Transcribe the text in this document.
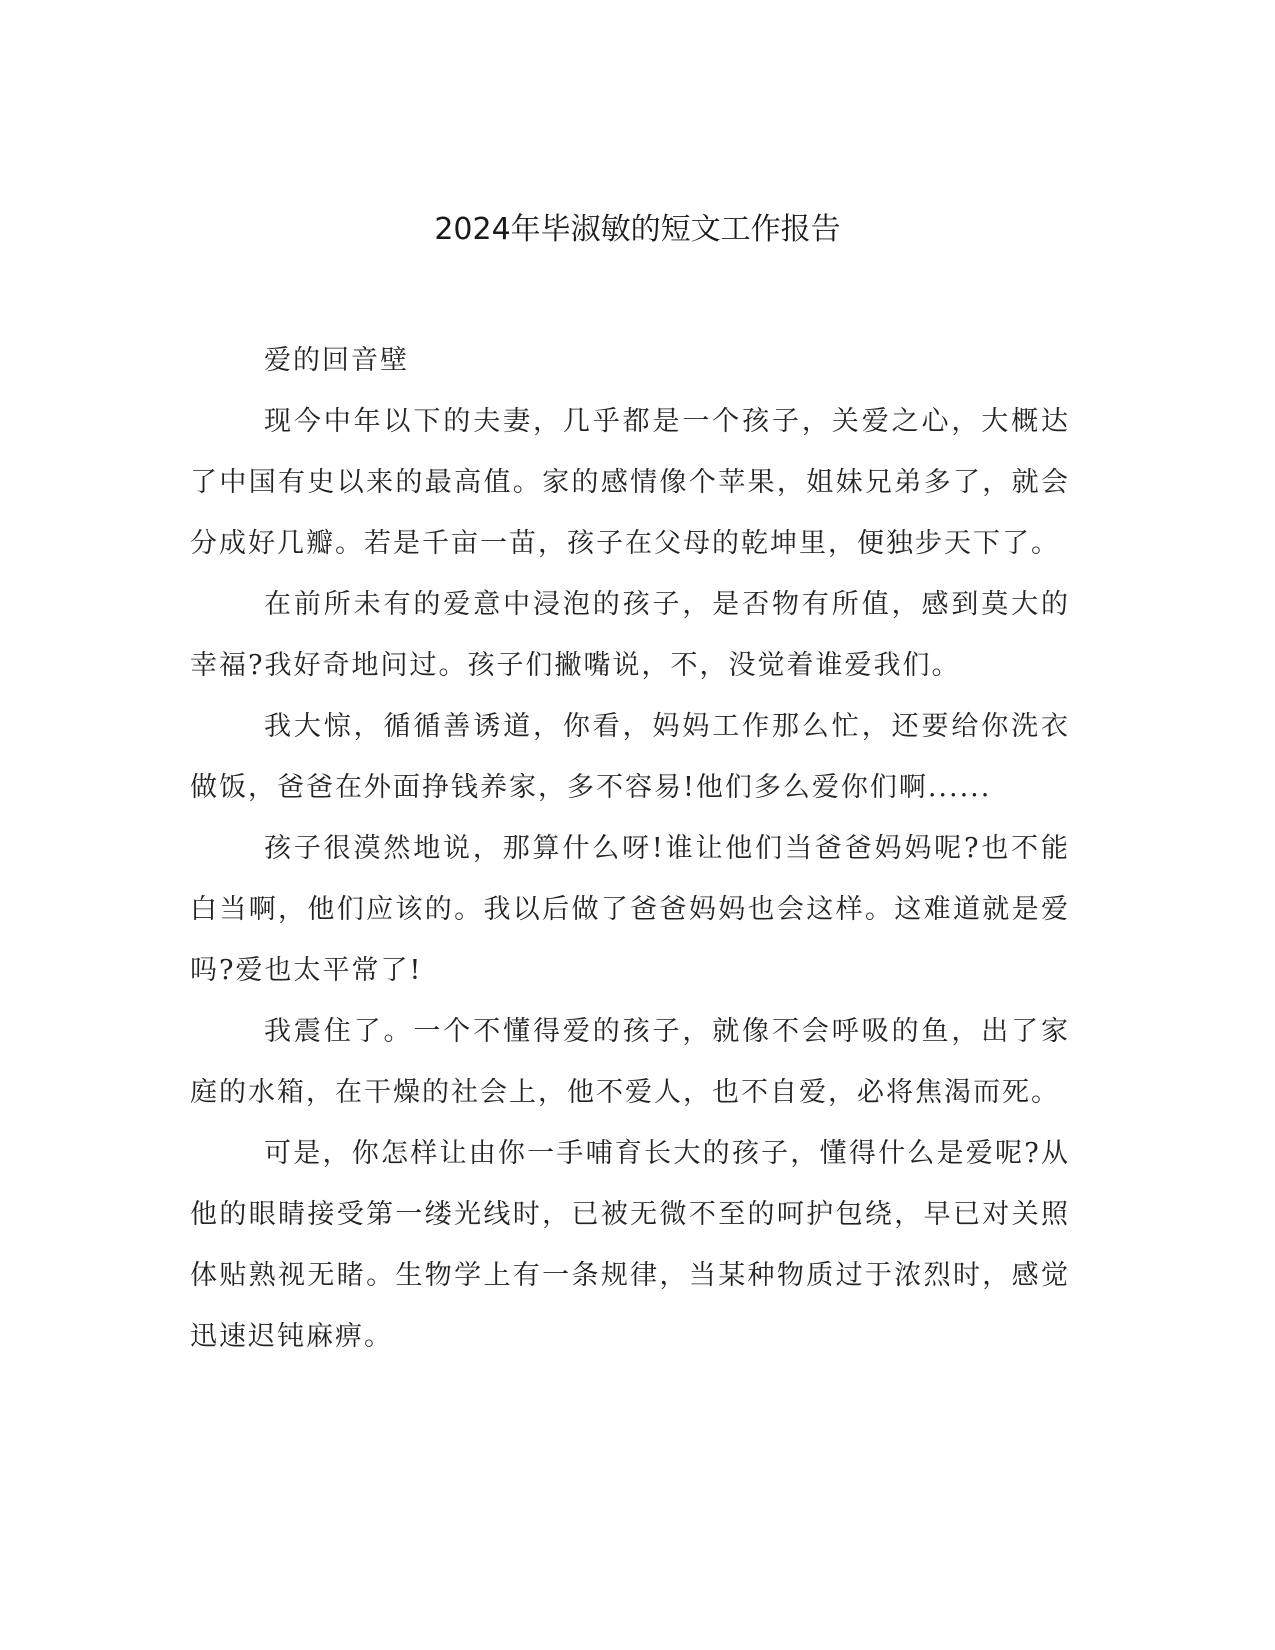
2024年毕淑敏的短文工作报告

爱的回音壁

现今中年以下的夫妻，几乎都是一个孩子，关爱之心，大概达了中国有史以来的最高值。家的感情像个苹果，姐妹兄弟多了，就会分成好几瓣。若是千亩一苗，孩子在父母的乾坤里，便独步天下了。

在前所未有的爱意中浸泡的孩子，是否物有所值，感到莫大的幸福?我好奇地问过。孩子们撇嘴说，不，没觉着谁爱我们。

我大惊，循循善诱道，你看，妈妈工作那么忙，还要给你洗衣做饭，爸爸在外面挣钱养家，多不容易!他们多么爱你们啊......

孩子很漠然地说，那算什么呀!谁让他们当爸爸妈妈呢?也不能白当啊，他们应该的。我以后做了爸爸妈妈也会这样。这难道就是爱吗?爱也太平常了!

我震住了。一个不懂得爱的孩子，就像不会呼吸的鱼，出了家庭的水箱，在干燥的社会上，他不爱人，也不自爱，必将焦渴而死。

可是，你怎样让由你一手哺育长大的孩子，懂得什么是爱呢?从他的眼睛接受第一缕光线时，已被无微不至的呵护包绕，早已对关照体贴熟视无睹。生物学上有一条规律，当某种物质过于浓烈时，感觉迅速迟钝麻痹。
